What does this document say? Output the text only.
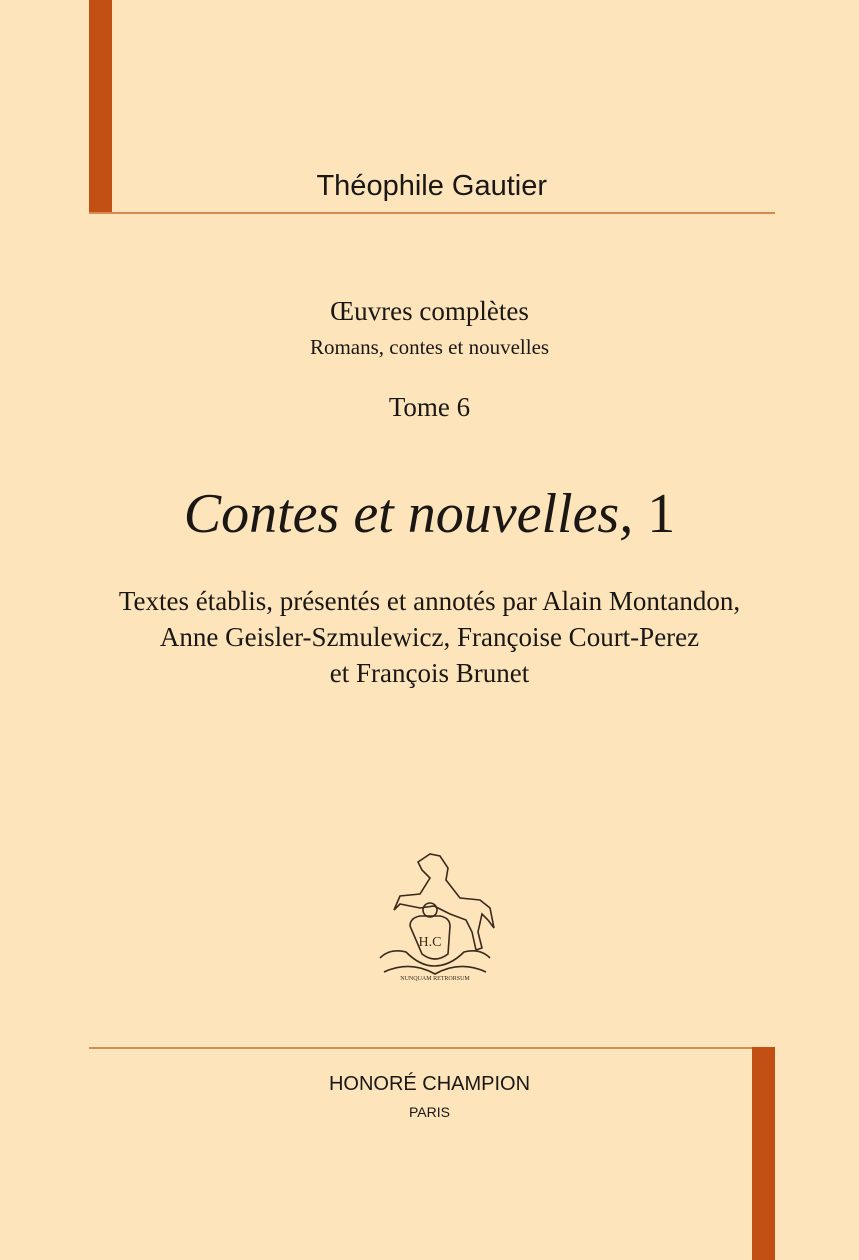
Théophile Gautier
Œuvres complètes
Romans, contes et nouvelles
Tome 6
Contes et nouvelles, 1
Textes établis, présentés et annotés par Alain Montandon,
Anne Geisler-Szmulewicz, Françoise Court-Perez
et François Brunet
H.C
NUNQUAM RETRORSUM
HONORÉ CHAMPION
PARIS
